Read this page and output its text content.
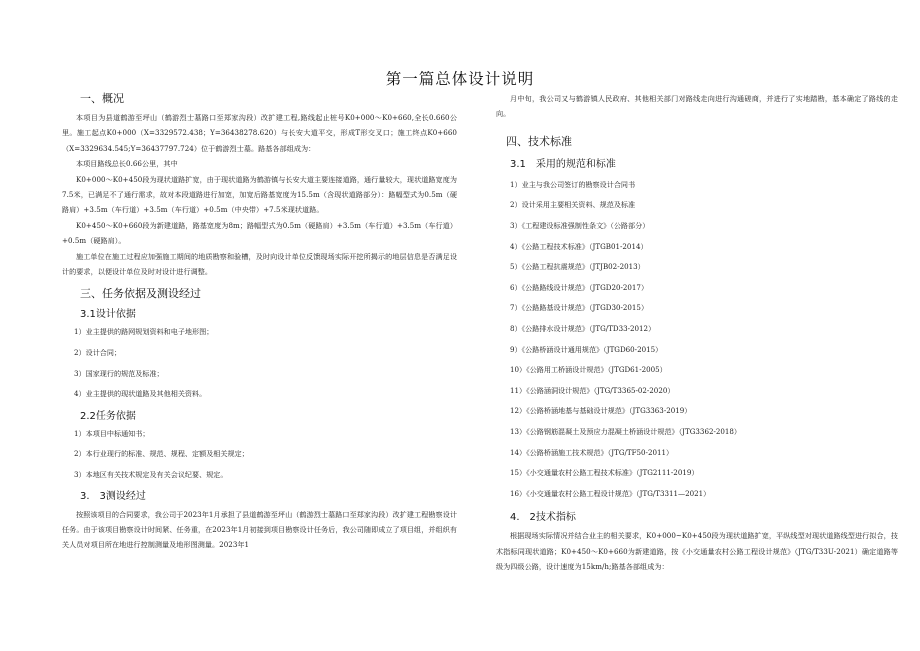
第一篇总体设计说明
一、概况
本项目为县道鹤游至坪山（鹤游烈士墓路口至郑家沟段）改扩建工程,路线起止桩号K0+000～K0+660,全长0.660公里。施工起点K0+000（X=3329572.438；Y=36438278.620）与长安大道平交，形成T形交叉口；施工终点K0+660（X=3329634.545;Y=36437797.724）位于鹤游烈士墓。路基各部组成为：
本项目路线总长0.66公里，其中
K0+000～K0+450段为现状道路扩宽，由于现状道路为鹤游镇与长安大道主要连接道路，通行量较大，现状道路宽度为7.5米，已满足不了通行需求，故对本段道路进行加宽，加宽后路基宽度为15.5m（含现状道路部分）：路幅型式为0.5m（硬路肩）+3.5m（车行道）+3.5m（车行道）+0.5m（中央带）+7.5米现状道路。
K0+450～K0+660段为新建道路，路基宽度为8m；路幅型式为0.5m（硬路肩）+3.5m（车行道）+3.5m（车行道）+0.5m（硬路肩）。
施工单位在施工过程应加强施工期间的地质勘察和验槽，及时向设计单位反馈现场实际开挖所揭示的地层信息是否满足设计的要求，以便设计单位及时对设计进行调整。
三、任务依据及测设经过
3.1设计依据
1）业主提供的路网规划资料和电子地形图；
2）设计合同；
3）国家现行的规范及标准；
4）业主提供的现状道路及其他相关资料。
2.2任务依据
1）本项目中标通知书；
2）本行业现行的标准、规范、规程、定额及相关规定；
3）本地区有关技术规定及有关会议纪要、规定。
3.　3测设经过
按照该项目的合同要求，我公司于2023年1月承担了县道鹤游至坪山（鹤游烈士墓路口至郑家沟段）改扩建工程勘察设计任务。由于该项目勘察设计时间紧、任务重，在2023年1月初接到项目勘察设计任务后，我公司随即成立了项目组，并组织有关人员对项目所在地进行控制测量及地形图测量。2023年1
月中旬，我公司又与鹤游镇人民政府、其他相关部门对路线走向进行沟通磋商，并进行了实地踏勘，基本确定了路线的走向。
四、技术标准
3.1　采用的规范和标准
1）业主与我公司签订的勘察设计合同书
2）设计采用主要相关资料、规范及标准
3）《工程建设标准强制性条文》（公路部分）
4）《公路工程技术标准》（JTGB01-2014）
5）《公路工程抗震规范》（JTJB02-2013）
6）《公路路线设计规范》（JTGD20-2017）
7）《公路路基设计规范》（JTGD30-2015）
8）《公路排水设计规范》（JTG/TD33-2012）
9）《公路桥涵设计通用规范》（JTGD60-2015）
10）《公路用工桥涵设计规范》（JTGD61-2005）
11）《公路涵洞设计规范》（JTG/T3365-02-2020）
12）《公路桥涵地基与基础设计规范》（JTG3363-2019）
13）《公路钢筋混凝土及预应力混凝土桥涵设计规范》（JTG3362-2018）
14）《公路桥涵施工技术规范》（JTG/TF50-2011）
15）《小交通量农村公路工程技术标准》（JTG2111-2019）
16）《小交通量农村公路工程设计规范》（JTG/T3311—2021）
4.　2技术指标
根据现场实际情况并结合业主的相关要求，K0+000~K0+450段为现状道路扩宽，平纵线型对现状道路线型进行拟合，技术指标同现状道路；K0+450～K0+660为新建道路，按《小交通量农村公路工程设计规范》（JTG/T33U-2021）确定道路等级为四级公路，设计速度为15km/h;路基各部组成为：
